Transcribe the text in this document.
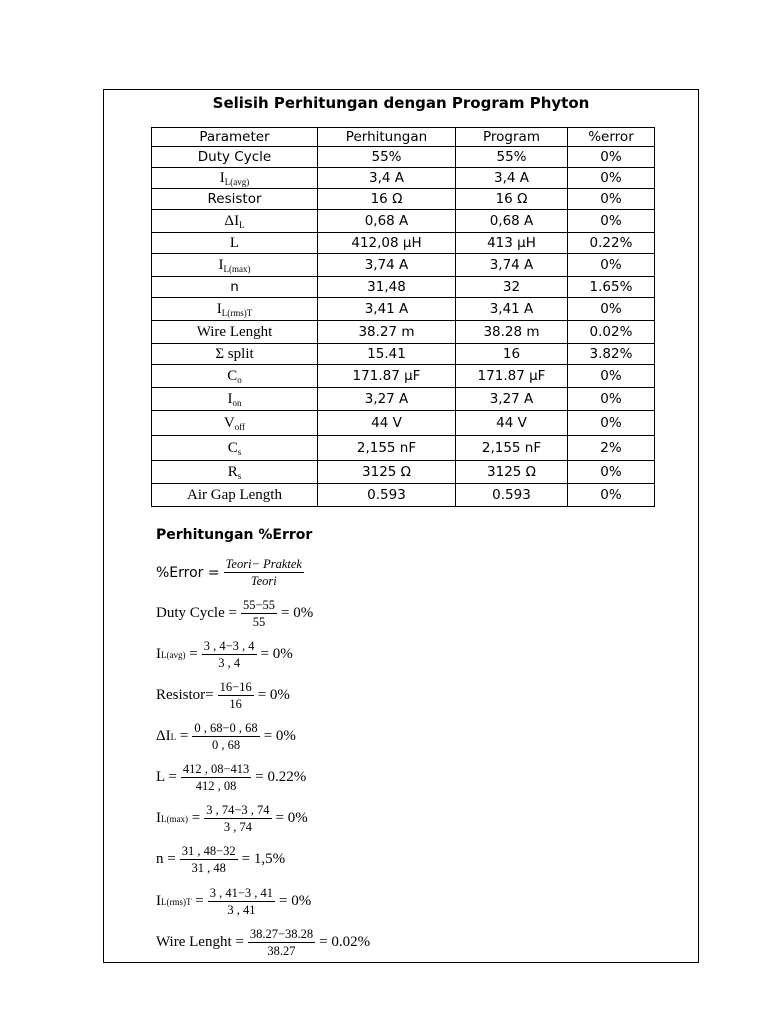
Selisih Perhitungan dengan Program Phyton
Parameter	Perhitungan	Program	%error
Duty Cycle	55%	55%	0%
$I_{L(avg)}$	3,4 A	3,4 A	0%
Resistor	16 Ω	16 Ω	0%
$\Delta I_L$	0,68 A	0,68 A	0%
L	412,08 µH	413 µH	0.22%
$I_{L(max)}$	3,74 A	3,74 A	0%
n	31,48	32	1.65%
$I_{L(rms)T}$	3,41 A	3,41 A	0%
Wire Lenght	38.27 m	38.28 m	0.02%
Σ split	15.41	16	3.82%
$C_o$	171.87 µF	171.87 µF	0%
$I_{on}$	3,27 A	3,27 A	0%
$V_{off}$	44 V	44 V	0%
$C_s$	2,155 nF	2,155 nF	2%
$R_s$	3125 Ω	3125 Ω	0%
Air Gap Length	0.593	0.593	0%
Perhitungan %Error
%Error = $\frac{\text{Teori− Praktek}}{\text{Teori}}$
Duty Cycle = $\frac{55-55}{55} = 0\%$
I $L(avg) = \frac{3 , 4-3 , 4}{3 , 4} = 0\%$
Resistor= $\frac{16-16}{16} = 0\%$
ΔI $L = \frac{0 , 68-0 , 68}{0 , 68} = 0\%$
$L = \frac{412 , 08-413}{412 , 08} = 0.22\%$
I $L(\max) = \frac{3 , 74-3 , 74}{3 , 74} = 0\%$
$n = \frac{31 , 48-32}{31 , 48} = 1,5\%$
I $L(rms)T = \frac{3 , 41-3 , 41}{3 , 41} = 0\%$
Wire Lenght = $\frac{38.27-38.28}{38.27} = 0.02\%$
